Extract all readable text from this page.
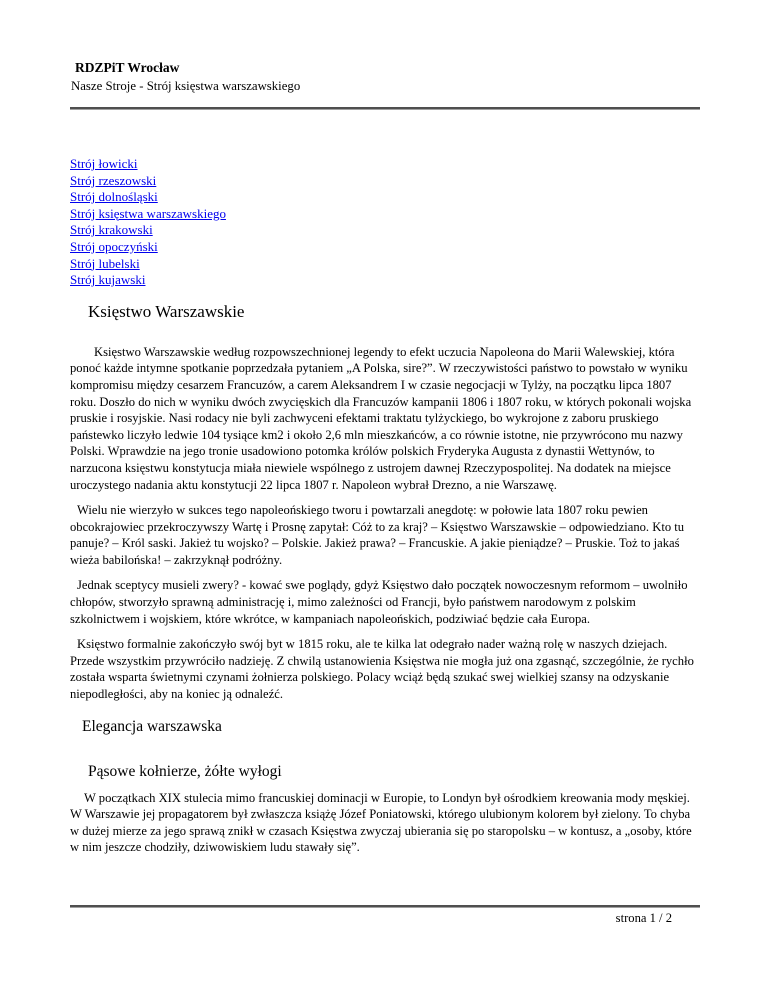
RDZPiT Wrocław
Nasze Stroje - Strój księstwa warszawskiego
Strój łowicki
Strój rzeszowski
Strój dolnośląski
Strój księstwa warszawskiego
Strój krakowski
Strój opoczyński
Strój lubelski
Strój kujawski
Księstwo Warszawskie

Księstwo Warszawskie według rozpowszechnionej legendy to efekt uczucia Napoleona do Marii Walewskiej, która ponoć każde intymne spotkanie poprzedzała pytaniem „A Polska, sire?”. W rzeczywistości państwo to powstało w wyniku kompromisu między cesarzem Francuzów, a carem Aleksandrem I w czasie negocjacji w Tylży, na początku lipca 1807 roku. Doszło do nich w wyniku dwóch zwycięskich dla Francuzów kampanii 1806 i 1807 roku, w których pokonali wojska pruskie i rosyjskie. Nasi rodacy nie byli zachwyceni efektami traktatu tylżyckiego, bo wykrojone z zaboru pruskiego państewko liczyło ledwie 104 tysiące km2 i około 2,6 mln mieszkańców, a co równie istotne, nie przywrócono mu nazwy Polski. Wprawdzie na jego tronie usadowiono potomka królów polskich Fryderyka Augusta z dynastii Wettynów, to narzucona księstwu konstytucja miała niewiele wspólnego z ustrojem dawnej Rzeczypospolitej. Na dodatek na miejsce uroczystego nadania aktu konstytucji 22 lipca 1807 r. Napoleon wybrał Drezno, a nie Warszawę.

Wielu nie wierzyło w sukces tego napoleońskiego tworu i powtarzali anegdotę: w połowie lata 1807 roku pewien obcokrajowiec przekroczywszy Wartę i Prosnę zapytał: Cóż to za kraj? – Księstwo Warszawskie – odpowiedziano. Kto tu panuje? – Król saski. Jakież tu wojsko? – Polskie. Jakież prawa? – Francuskie. A jakie pieniądze? – Pruskie. Toż to jakaś wieża babilońska! – zakrzyknął podróżny.

Jednak sceptycy musieli zwery? - kować swe poglądy, gdyż Księstwo dało początek nowoczesnym reformom – uwolniło chłopów, stworzyło sprawną administrację i, mimo zależności od Francji, było państwem narodowym z polskim szkolnictwem i wojskiem, które wkrótce, w kampaniach napoleońskich, podziwiać będzie cała Europa.

Księstwo formalnie zakończyło swój byt w 1815 roku, ale te kilka lat odegrało nader ważną rolę w naszych dziejach. Przede wszystkim przywróciło nadzieję. Z chwilą ustanowienia Księstwa nie mogła już ona zgasnąć, szczególnie, że rychło została wsparta świetnymi czynami żołnierza polskiego. Polacy wciąż będą szukać swej wielkiej szansy na odzyskanie niepodległości, aby na koniec ją odnaleźć.

Elegancja warszawska
Pąsowe kołnierze, żółte wyłogi

W początkach XIX stulecia mimo francuskiej dominacji w Europie, to Londyn był ośrodkiem kreowania mody męskiej. W Warszawie jej propagatorem był zwłaszcza książę Józef Poniatowski, którego ulubionym kolorem był zielony. To chyba w dużej mierze za jego sprawą znikł w czasach Księstwa zwyczaj ubierania się po staropolsku – w kontusz, a „osoby, które w nim jeszcze chodziły, dziwowiskiem ludu stawały się”.

strona 1 / 2
